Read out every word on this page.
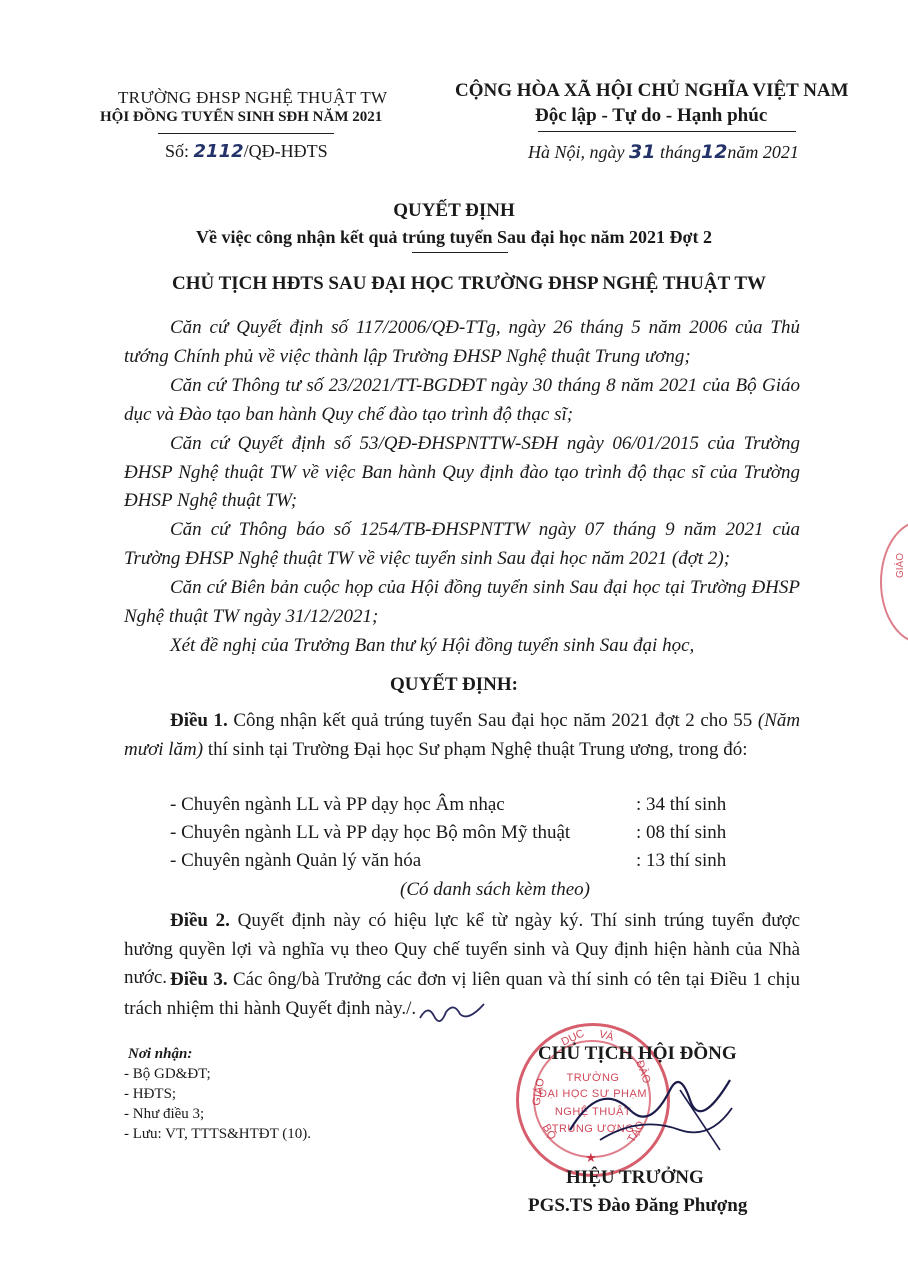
TRƯỜNG ĐHSP NGHỆ THUẬT TW
HỘI ĐỒNG TUYỂN SINH SĐH NĂM 2021
Số: 2112/QĐ-HĐTS
CỘNG HÒA XÃ HỘI CHỦ NGHĨA VIỆT NAM
Độc lập - Tự do - Hạnh phúc
Hà Nội, ngày 31 tháng12năm 2021
QUYẾT ĐỊNH
Về việc công nhận kết quả trúng tuyển Sau đại học năm 2021 Đợt 2
CHỦ TỊCH HĐTS SAU ĐẠI HỌC TRƯỜNG ĐHSP NGHỆ THUẬT TW
Căn cứ Quyết định số 117/2006/QĐ-TTg, ngày 26 tháng 5 năm 2006 của Thủ tướng Chính phủ về việc thành lập Trường ĐHSP Nghệ thuật Trung ương;
Căn cứ Thông tư số 23/2021/TT-BGDĐT ngày 30 tháng 8 năm 2021 của Bộ Giáo dục và Đào tạo ban hành Quy chế đào tạo trình độ thạc sĩ;
Căn cứ Quyết định số 53/QĐ-ĐHSPNTTW-SĐH ngày 06/01/2015 của Trường ĐHSP Nghệ thuật TW về việc Ban hành Quy định đào tạo trình độ thạc sĩ của Trường ĐHSP Nghệ thuật TW;
Căn cứ Thông báo số 1254/TB-ĐHSPNTTW ngày 07 tháng 9 năm 2021 của Trường ĐHSP Nghệ thuật TW về việc tuyển sinh Sau đại học năm 2021 (đợt 2);
Căn cứ Biên bản cuộc họp của Hội đồng tuyển sinh Sau đại học tại Trường ĐHSP Nghệ thuật TW ngày 31/12/2021;
Xét đề nghị của Trưởng Ban thư ký Hội đồng tuyển sinh Sau đại học,
QUYẾT ĐỊNH:
Điều 1. Công nhận kết quả trúng tuyển Sau đại học năm 2021 đợt 2 cho 55 (Năm mươi lăm) thí sinh tại Trường Đại học Sư phạm Nghệ thuật Trung ương, trong đó:
- Chuyên ngành LL và PP dạy học Âm nhạc	: 34 thí sinh
- Chuyên ngành LL và PP dạy học Bộ môn Mỹ thuật	: 08 thí sinh
- Chuyên ngành Quản lý văn hóa	: 13 thí sinh
(Có danh sách kèm theo)
Điều 2. Quyết định này có hiệu lực kể từ ngày ký. Thí sinh trúng tuyển được hưởng quyền lợi và nghĩa vụ theo Quy chế tuyển sinh và Quy định hiện hành của Nhà nước. Điều 3. Các ông/bà Trưởng các đơn vị liên quan và thí sinh có tên tại Điều 1 chịu trách nhiệm thi hành Quyết định này./.
Nơi nhận:
- Bộ GD&ĐT;
- HĐTS;
- Như điều 3;
- Lưu: VT, TTTS&HTĐT (10).
TRƯỜNG
ĐẠI HỌC SƯ PHẠM
NGHỆ THUẬT
TRUNG ƯƠNG
BỘ
GIÁO
DỤC VÀ
ĐÀO
TẠO
★
CHỦ TỊCH HỘI ĐỒNG
HIỆU TRƯỞNG
PGS.TS Đào Đăng Phượng
GIÁO
